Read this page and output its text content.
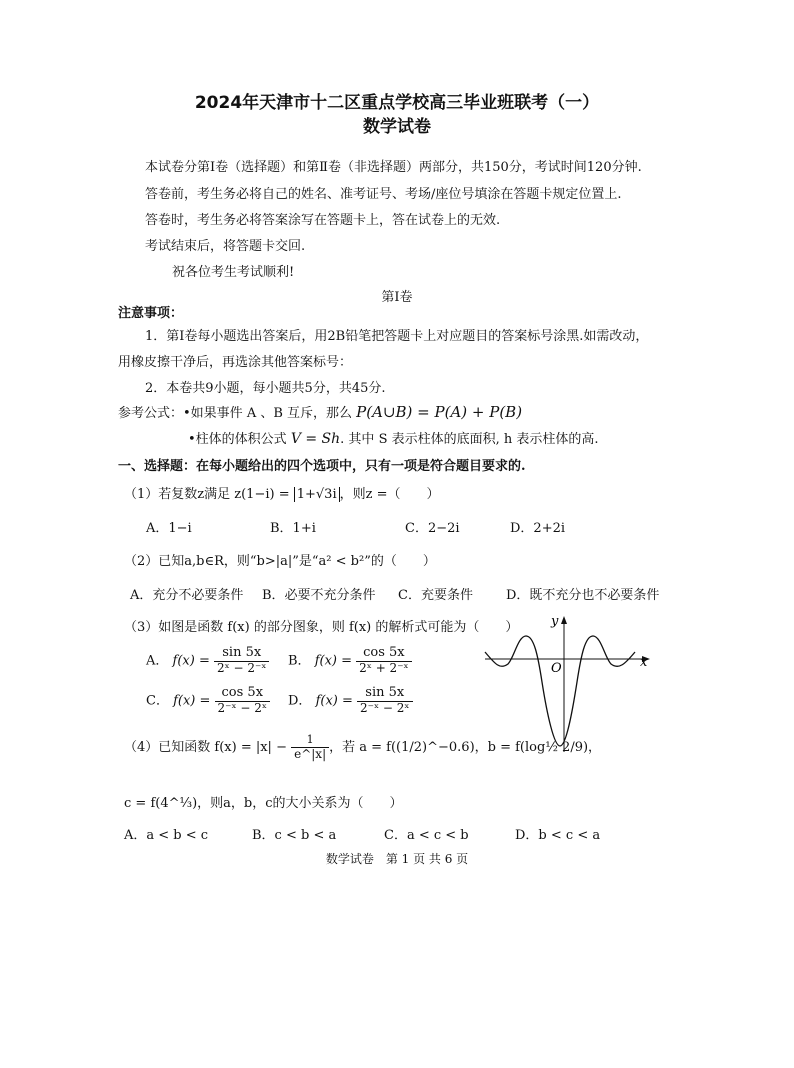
2024年天津市十二区重点学校高三毕业班联考（一）
数学试卷
本试卷分第Ⅰ卷（选择题）和第Ⅱ卷（非选择题）两部分，共150分，考试时间120分钟.
答卷前，考生务必将自己的姓名、准考证号、考场/座位号填涂在答题卡规定位置上.
答卷时，考生务必将答案涂写在答题卡上，答在试卷上的无效.
考试结束后，将答题卡交回.
祝各位考生考试顺利!
第Ⅰ卷
注意事项：
1．第Ⅰ卷每小题选出答案后，用2B铅笔把答题卡上对应题目的答案标号涂黑.如需改动，
用橡皮擦干净后，再选涂其他答案标号：
2．本卷共9小题，每小题共5分，共45分.
参考公式：•如果事件 A 、B 互斥，那么 P(A∪B) = P(A) + P(B)
•柱体的体积公式 V = Sh. 其中 S 表示柱体的底面积, h 表示柱体的高.
一、选择题：在每小题给出的四个选项中，只有一项是符合题目要求的.
（1）若复数z满足 z(1−i) = 1+√3i ，则z =（　　）
A．1−i	B．1+i	C．2−2i	D．2+2i
（2）已知a,b∈R，则“b>|a|”是“a² < b²”的（　　）
A．充分不必要条件 B．必要不充分条件 C．充要条件	D．既不充分也不必要条件
（3）如图是函数 f(x) 的部分图象，则 f(x) 的解析式可能为（　　）
A． $f(x) = \frac{\sin 5x}{\text{2ˣ − 2⁻ˣ}}$ B． $f(x) = \frac{\cos 5x}{\text{2ˣ + 2⁻ˣ}}$
C． $f(x) = \frac{\cos 5x}{\text{2⁻ˣ − 2ˣ}}$ D． $f(x) = \frac{\sin 5x}{\text{2⁻ˣ − 2ˣ}}$
x
y
O
（4）已知函数 $f(x) = |x| - \frac{1}{e\^{}|x|}$ ，若 a = f((1/2)^−0.6)，b = f(log½ 2/9)，
c = f(4^⅓)，则a，b，c的大小关系为（　　）
A．a < b < c	B．c < b < a	C．a < c < b	D．b < c < a
数学试卷　第 1 页 共 6 页
